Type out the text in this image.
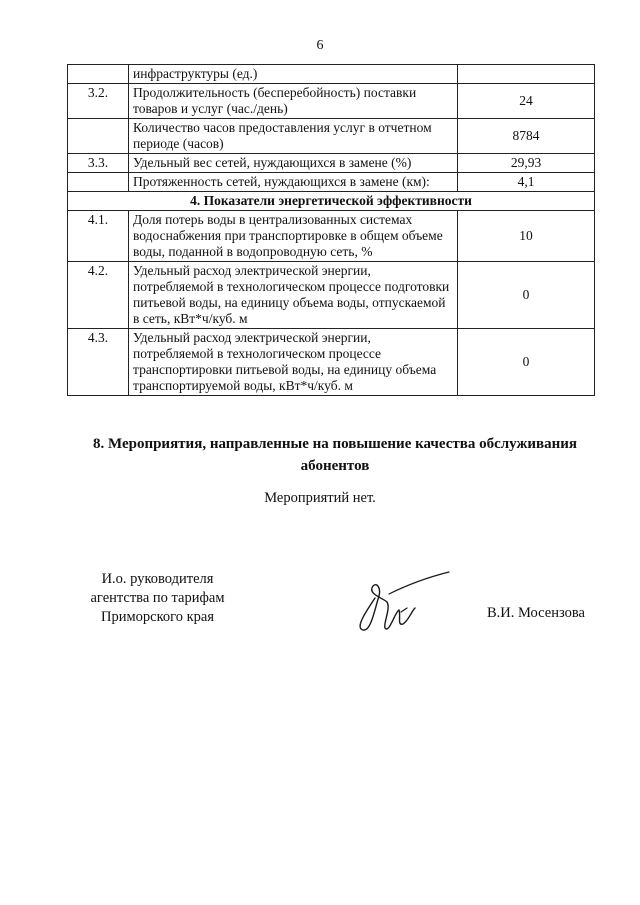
6
	инфраструктуры (ед.)	
3.2.	Продолжительность (бесперебойность) поставки товаров и услуг (час./день)	24
	Количество часов предоставления услуг в отчетном периоде (часов)	8784
3.3.	Удельный вес сетей, нуждающихся в замене (%)	29,93
	Протяженность сетей, нуждающихся в замене (км):	4,1
4. Показатели энергетической эффективности		
4.1.	Доля потерь воды в централизованных системах водоснабжения при транспортировке в общем объеме воды, поданной в водопроводную сеть, %	10
4.2.	Удельный расход электрической энергии, потребляемой в технологическом процессе подготовки питьевой воды, на единицу объема воды, отпускаемой в сеть, кВт*ч/куб. м	0
4.3.	Удельный расход электрической энергии, потребляемой в технологическом процессе транспортировки питьевой воды, на единицу объема транспортируемой воды, кВт*ч/куб. м	0
8. Мероприятия, направленные на повышение качества обслуживания
абонентов
Мероприятий нет.
И.о. руководителя
агентства по тарифам
Приморского края	В.И. Мосензова
